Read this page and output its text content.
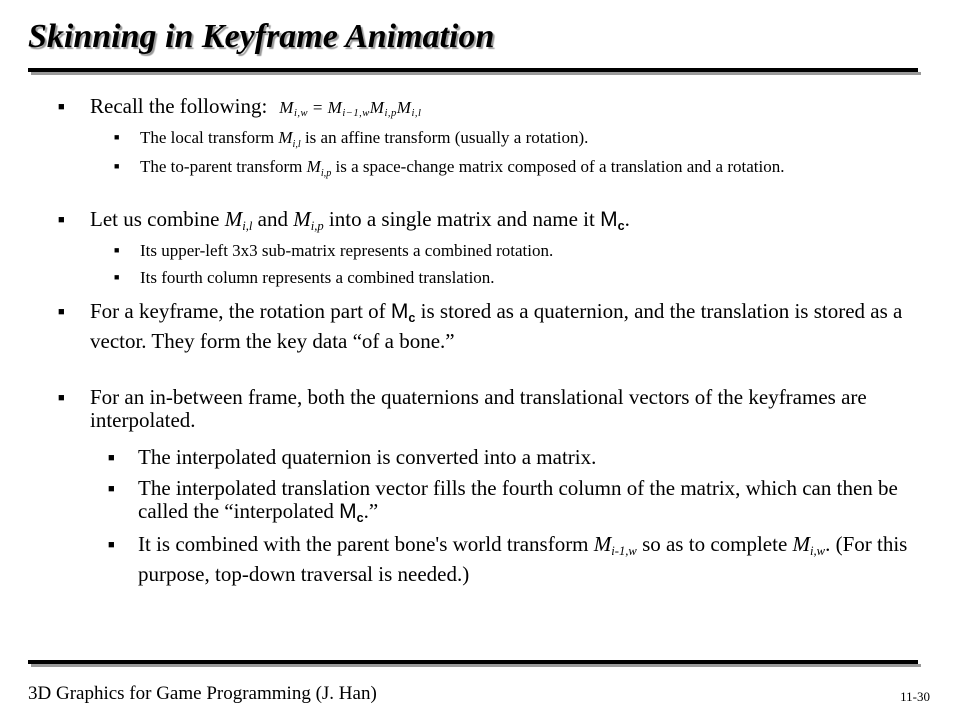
Skinning in Keyframe Animation
■ Recall the following: $M_{i,w} = M_{i-1,w}M_{i,p}M_{i,l}$
■ The local transform $M_{i,l}$ is an affine transform (usually a rotation).
■ The to-parent transform $M_{i,p}$ is a space-change matrix composed of a translation and a rotation.
■ Let us combine $M_{i,l}$ and $M_{i,p}$ into a single matrix and name it Mc.
■ Its upper-left 3x3 sub-matrix represents a combined rotation.
■ Its fourth column represents a combined translation.
■ For a keyframe, the rotation part of Mc is stored as a quaternion, and the translation is stored as a vector. They form the key data “of a bone.”
■ For an in-between frame, both the quaternions and translational vectors of the keyframes are interpolated.
■ The interpolated quaternion is converted into a matrix.
■ The interpolated translation vector fills the fourth column of the matrix, which can then be called the “interpolated Mc.”
■ It is combined with the parent bone's world transform $M_{i-1,w}$ so as to complete $M_{i,w}$. (For this purpose, top-down traversal is needed.)
3D Graphics for Game Programming (J. Han)	11-30
